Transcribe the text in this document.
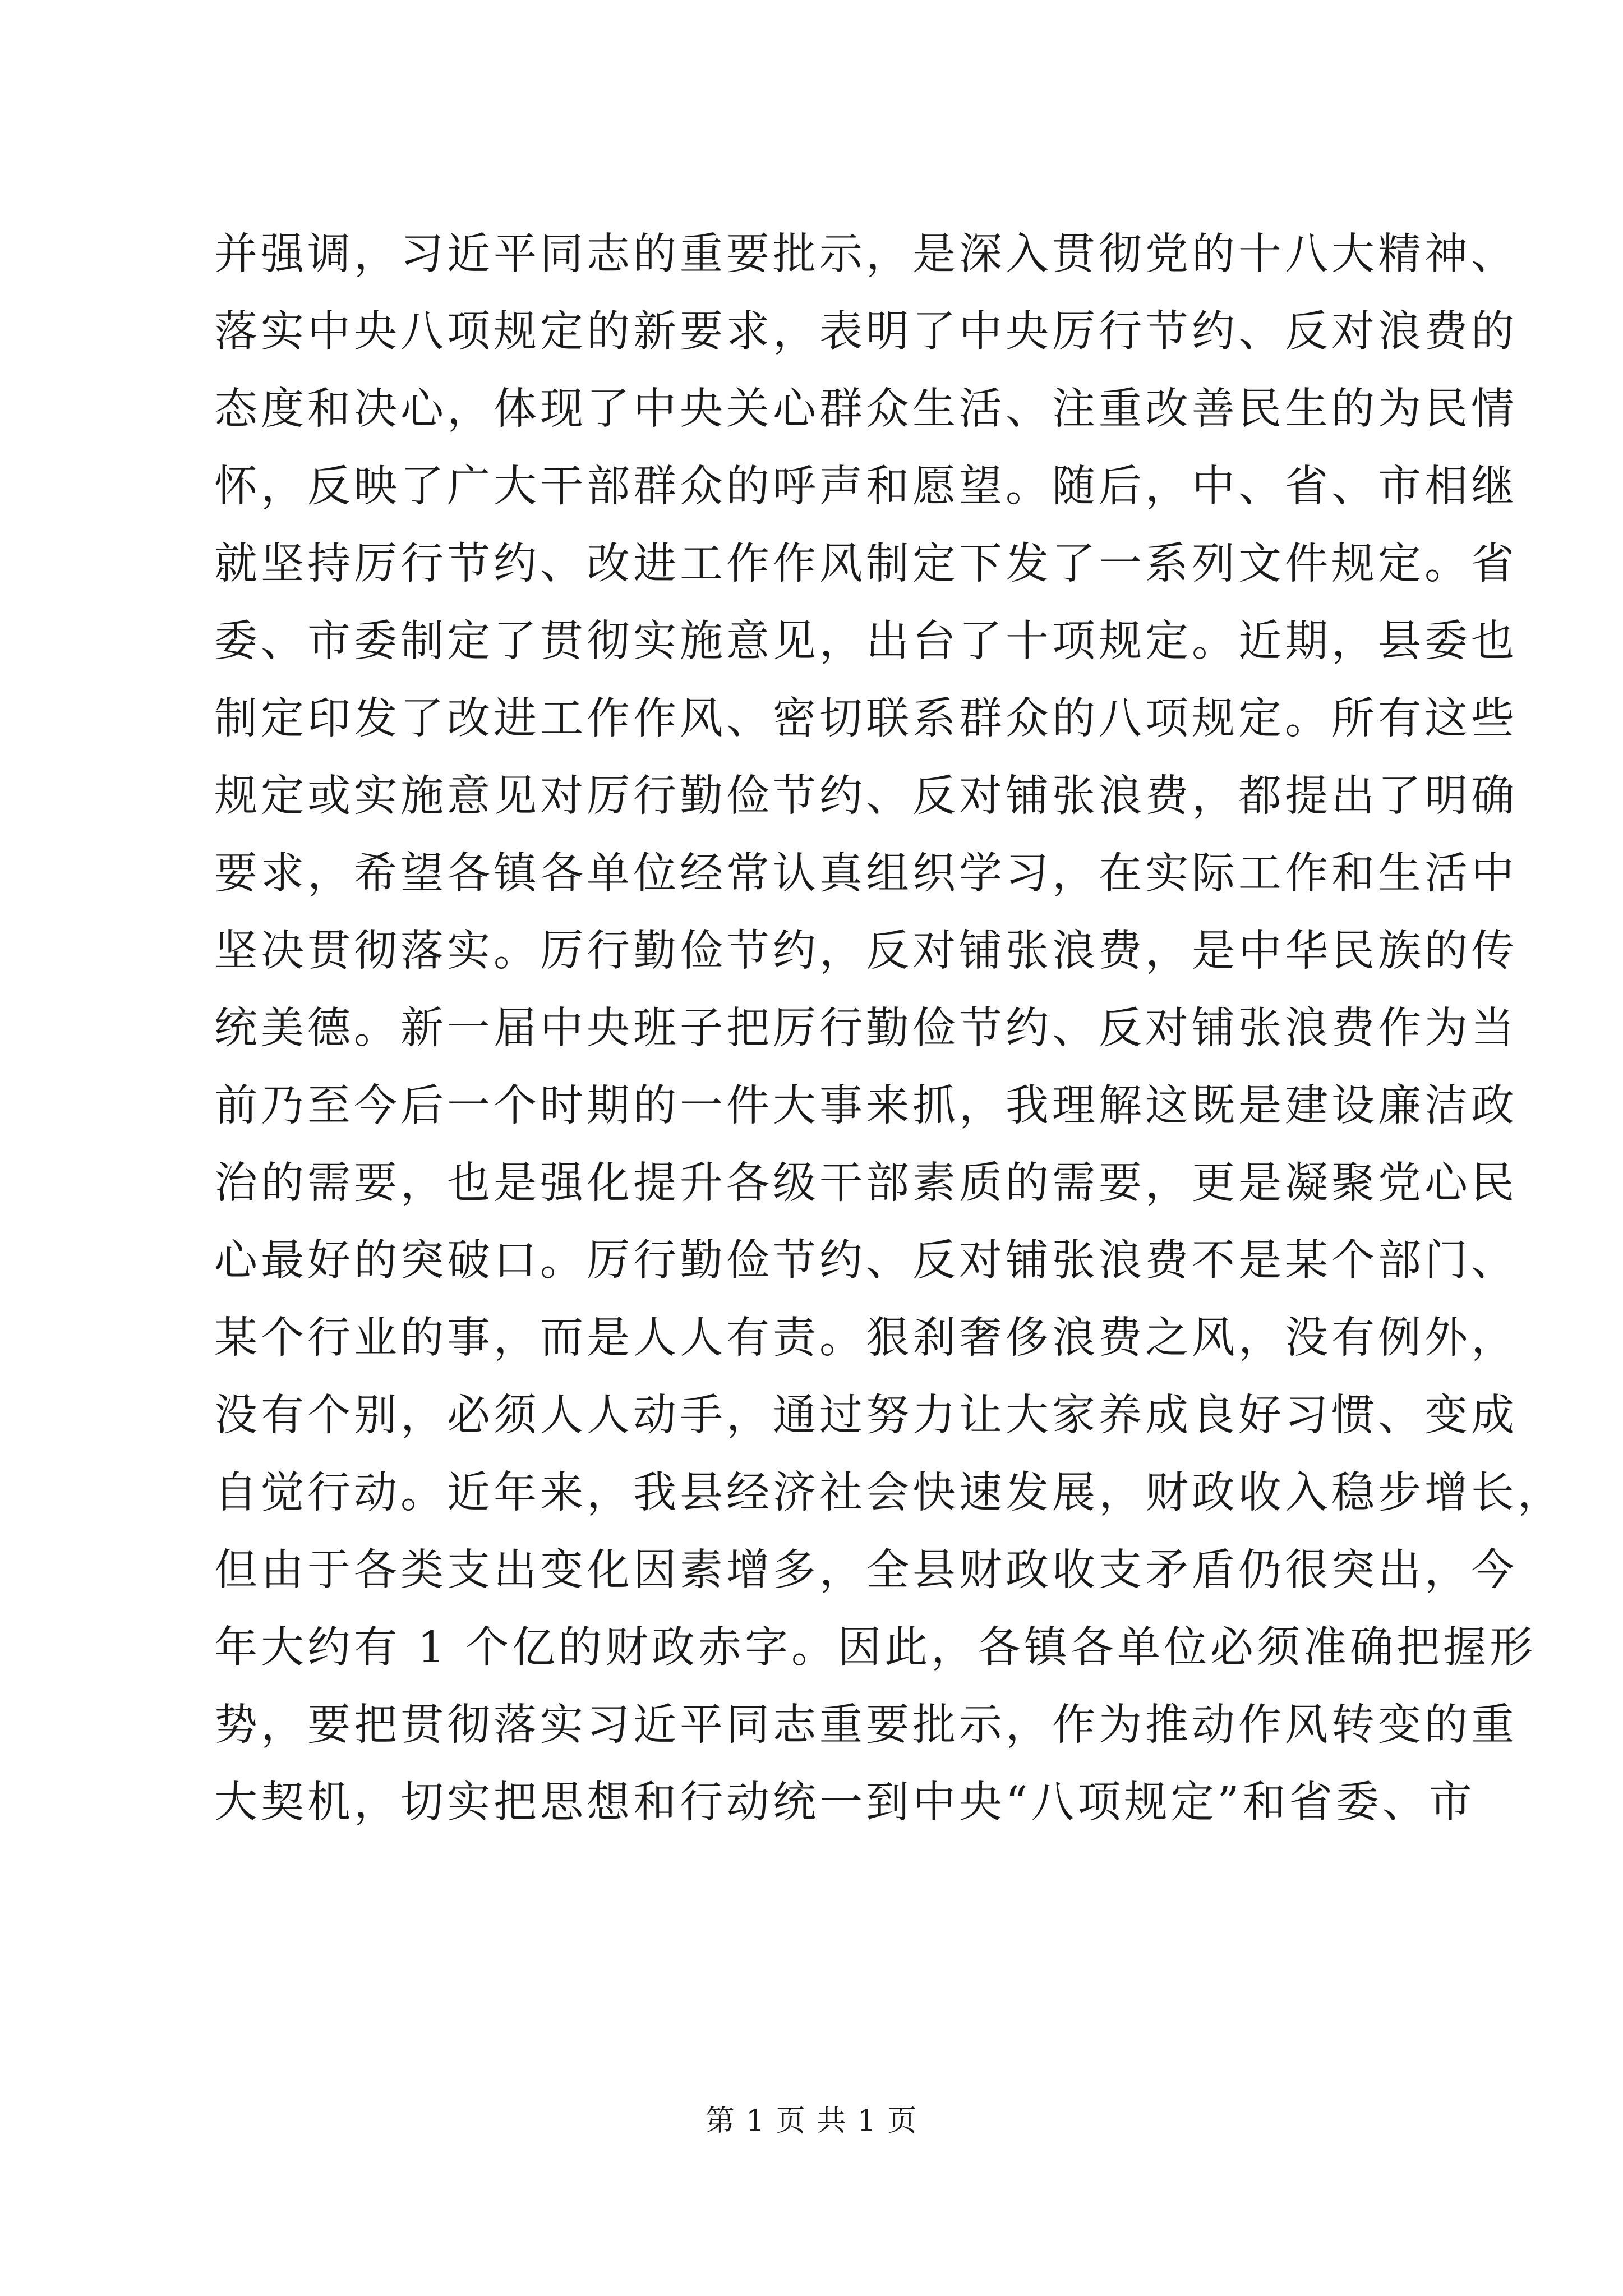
并强调，习近平同志的重要批示，是深入贯彻党的十八大精神、
落实中央八项规定的新要求，表明了中央厉行节约、反对浪费的
态度和决心，体现了中央关心群众生活、注重改善民生的为民情
怀，反映了广大干部群众的呼声和愿望。随后，中、省、市相继
就坚持厉行节约、改进工作作风制定下发了一系列文件规定。省
委、市委制定了贯彻实施意见，出台了十项规定。近期，县委也
制定印发了改进工作作风、密切联系群众的八项规定。所有这些
规定或实施意见对厉行勤俭节约、反对铺张浪费，都提出了明确
要求，希望各镇各单位经常认真组织学习，在实际工作和生活中
坚决贯彻落实。厉行勤俭节约，反对铺张浪费，是中华民族的传
统美德。新一届中央班子把厉行勤俭节约、反对铺张浪费作为当
前乃至今后一个时期的一件大事来抓，我理解这既是建设廉洁政
治的需要，也是强化提升各级干部素质的需要，更是凝聚党心民
心最好的突破口。厉行勤俭节约、反对铺张浪费不是某个部门、
某个行业的事，而是人人有责。狠刹奢侈浪费之风，没有例外，
没有个别，必须人人动手，通过努力让大家养成良好习惯、变成
自觉行动。近年来，我县经济社会快速发展，财政收入稳步增长，
但由于各类支出变化因素增多，全县财政收支矛盾仍很突出，今
年大约有 1 个亿的财政赤字。因此，各镇各单位必须准确把握形
势，要把贯彻落实习近平同志重要批示，作为推动作风转变的重
大契机，切实把思想和行动统一到中央“八项规定”和省委、市
第 1 页 共 1 页
